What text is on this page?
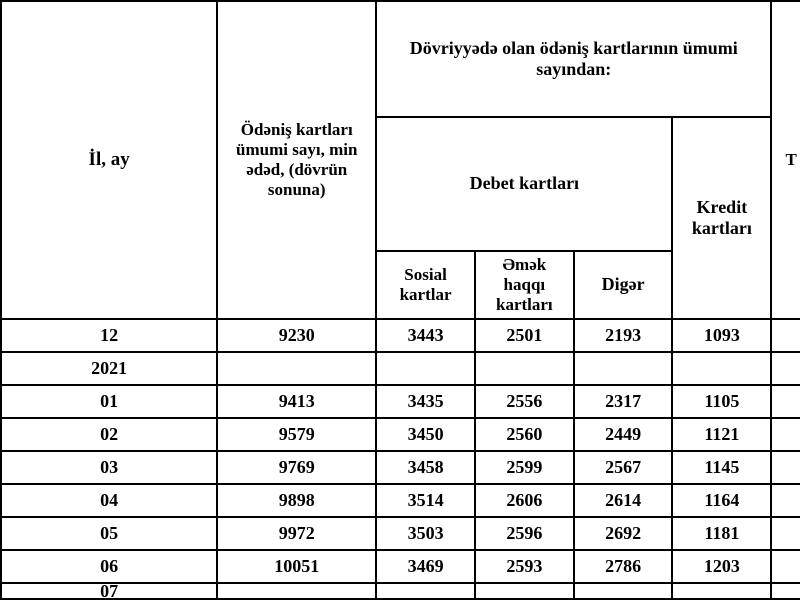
İl, ay	Ödəniş kartları ümumi sayı, min ədəd, (dövrün sonuna)	Dövriyyədə olan ödəniş kartlarının ümumi sayından:				T
		Debet kartları			Kredit kartları	
		Sosial kartlar	Əmək haqqı kartları	Digər		
12	9230	3443	2501	2193	1093	
2021						
01	9413	3435	2556	2317	1105	
02	9579	3450	2560	2449	1121	
03	9769	3458	2599	2567	1145	
04	9898	3514	2606	2614	1164	
05	9972	3503	2596	2692	1181	
06	10051	3469	2593	2786	1203	
07						
